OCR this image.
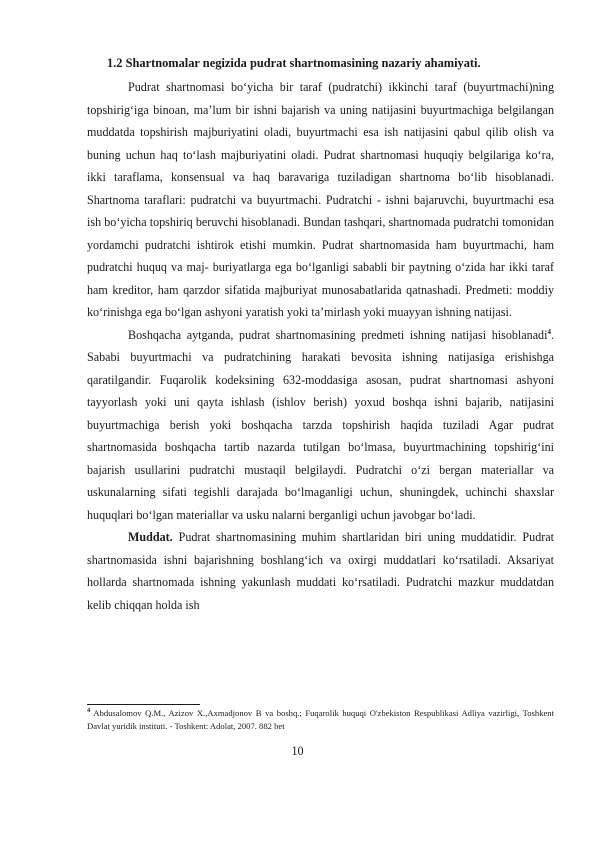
1.2 Shartnomalar negizida pudrat shartnomasining nazariy ahamiyati.

Pudrat shartnomasi bo‘yicha bir taraf (pudratchi) ikkinchi taraf (buyurtmachi)ning topshirig‘iga binoan, ma’lum bir ishni bajarish va uning natijasini buyurtmachiga belgilangan muddatda topshirish majburiyatini oladi, buyurtmachi esa ish natijasini qabul qilib olish va buning uchun haq to‘lash majburiyatini oladi. Pudrat shartnomasi huquqiy belgilariga ko‘ra, ikki taraflama, konsensual va haq baravariga tuziladigan shartnoma bo‘lib hisoblanadi. Shartnoma taraflari: pudratchi va buyurtmachi. Pudratchi - ishni bajaruvchi, buyurtmachi esa ish bo‘yicha topshiriq beruvchi hisoblanadi. Bundan tashqari, shartnomada pudratchi tomonidan yordamchi pudratchi ishtirok etishi mumkin. Pudrat shartnomasida ham buyurtmachi, ham pudratchi huquq va maj- buriyatlarga ega bo‘lganligi sababli bir paytning o‘zida har ikki taraf ham kreditor, ham qarzdor sifatida majburiyat munosabatlarida qatnashadi. Predmeti: moddiy ko‘rinishga ega bo‘lgan ashyoni yaratish yoki ta’mirlash yoki muayyan ishning natijasi.

Boshqacha aytganda, pudrat shartnomasining predmeti ishning natijasi hisoblanadi$^4$. Sababi buyurtmachi va pudratchining harakati bevosita ishning natijasiga erishishga qaratilgandir. Fuqarolik kodeksining 632-moddasiga asosan, pudrat shartnomasi ashyoni tayyorlash yoki uni qayta ishlash (ishlov berish) yoxud boshqa ishni bajarib, natijasini buyurtmachiga berish yoki boshqacha tarzda topshirish haqida tuziladi Agar pudrat shartnomasida boshqacha tartib nazarda tutilgan bo‘lmasa, buyurtmachining topshirig‘ini bajarish usullarini pudratchi mustaqil belgilaydi. Pudratchi o‘zi bergan materiallar va uskunalarning sifati tegishli darajada bo‘lmaganligi uchun, shuningdek, uchinchi shaxslar huquqlari bo‘lgan materiallar va usku nalarni berganligi uchun javobgar bo‘ladi.

Muddat. Pudrat shartnomasining muhim shartlaridan biri uning muddatidir. Pudrat shartnomasida ishni bajarishning boshlang‘ich va oxirgi muddatlari ko‘rsatiladi. Aksariyat hollarda shartnomada ishning yakunlash muddati ko‘rsatiladi. Pudratchi mazkur muddatdan kelib chiqqan holda ish

$^4$ Abdusalomov Q.M., Azizov X.,Axmadjonov B va boshq.; Fuqarolik huquqi O'zbekiston Respublikasi Adliya vazirligi, Toshkent Davlat yuridik instituti. - Toshkent: Adolat, 2007. 882 bet
10
